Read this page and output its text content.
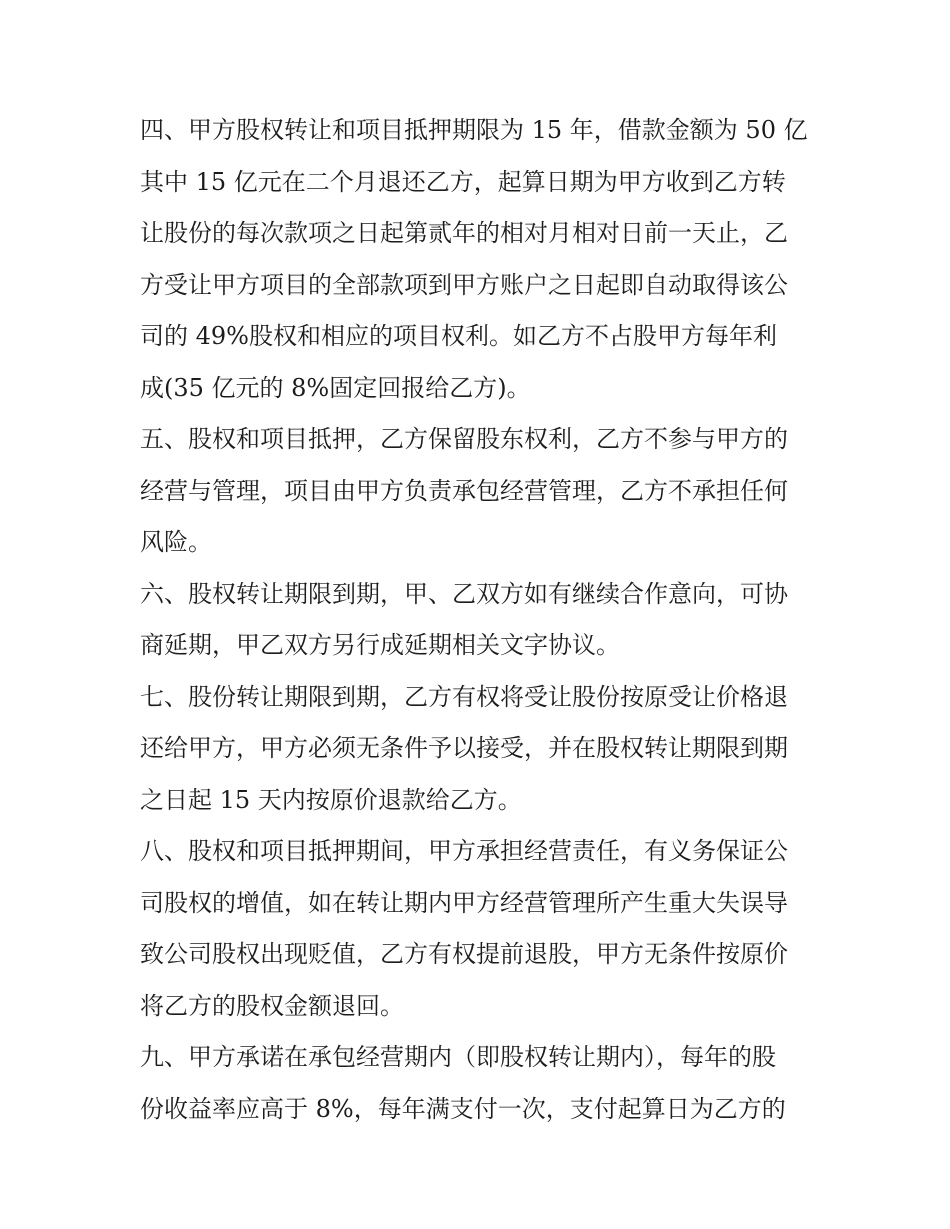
四、甲方股权转让和项目抵押期限为 15 年，借款金额为 50 亿
其中 15 亿元在二个月退还乙方，起算日期为甲方收到乙方转
让股份的每次款项之日起第贰年的相对月相对日前一天止，乙
方受让甲方项目的全部款项到甲方账户之日起即自动取得该公
司的 49%股权和相应的项目权利。如乙方不占股甲方每年利
成(35 亿元的 8%固定回报给乙方)。
五、股权和项目抵押，乙方保留股东权利，乙方不参与甲方的
经营与管理，项目由甲方负责承包经营管理，乙方不承担任何
风险。
六、股权转让期限到期，甲、乙双方如有继续合作意向，可协
商延期，甲乙双方另行成延期相关文字协议。
七、股份转让期限到期，乙方有权将受让股份按原受让价格退
还给甲方，甲方必须无条件予以接受，并在股权转让期限到期
之日起 15 天内按原价退款给乙方。
八、股权和项目抵押期间，甲方承担经营责任，有义务保证公
司股权的增值，如在转让期内甲方经营管理所产生重大失误导
致公司股权出现贬值，乙方有权提前退股，甲方无条件按原价
将乙方的股权金额退回。
九、甲方承诺在承包经营期内（即股权转让期内），每年的股
份收益率应高于 8%，每年满支付一次，支付起算日为乙方的
